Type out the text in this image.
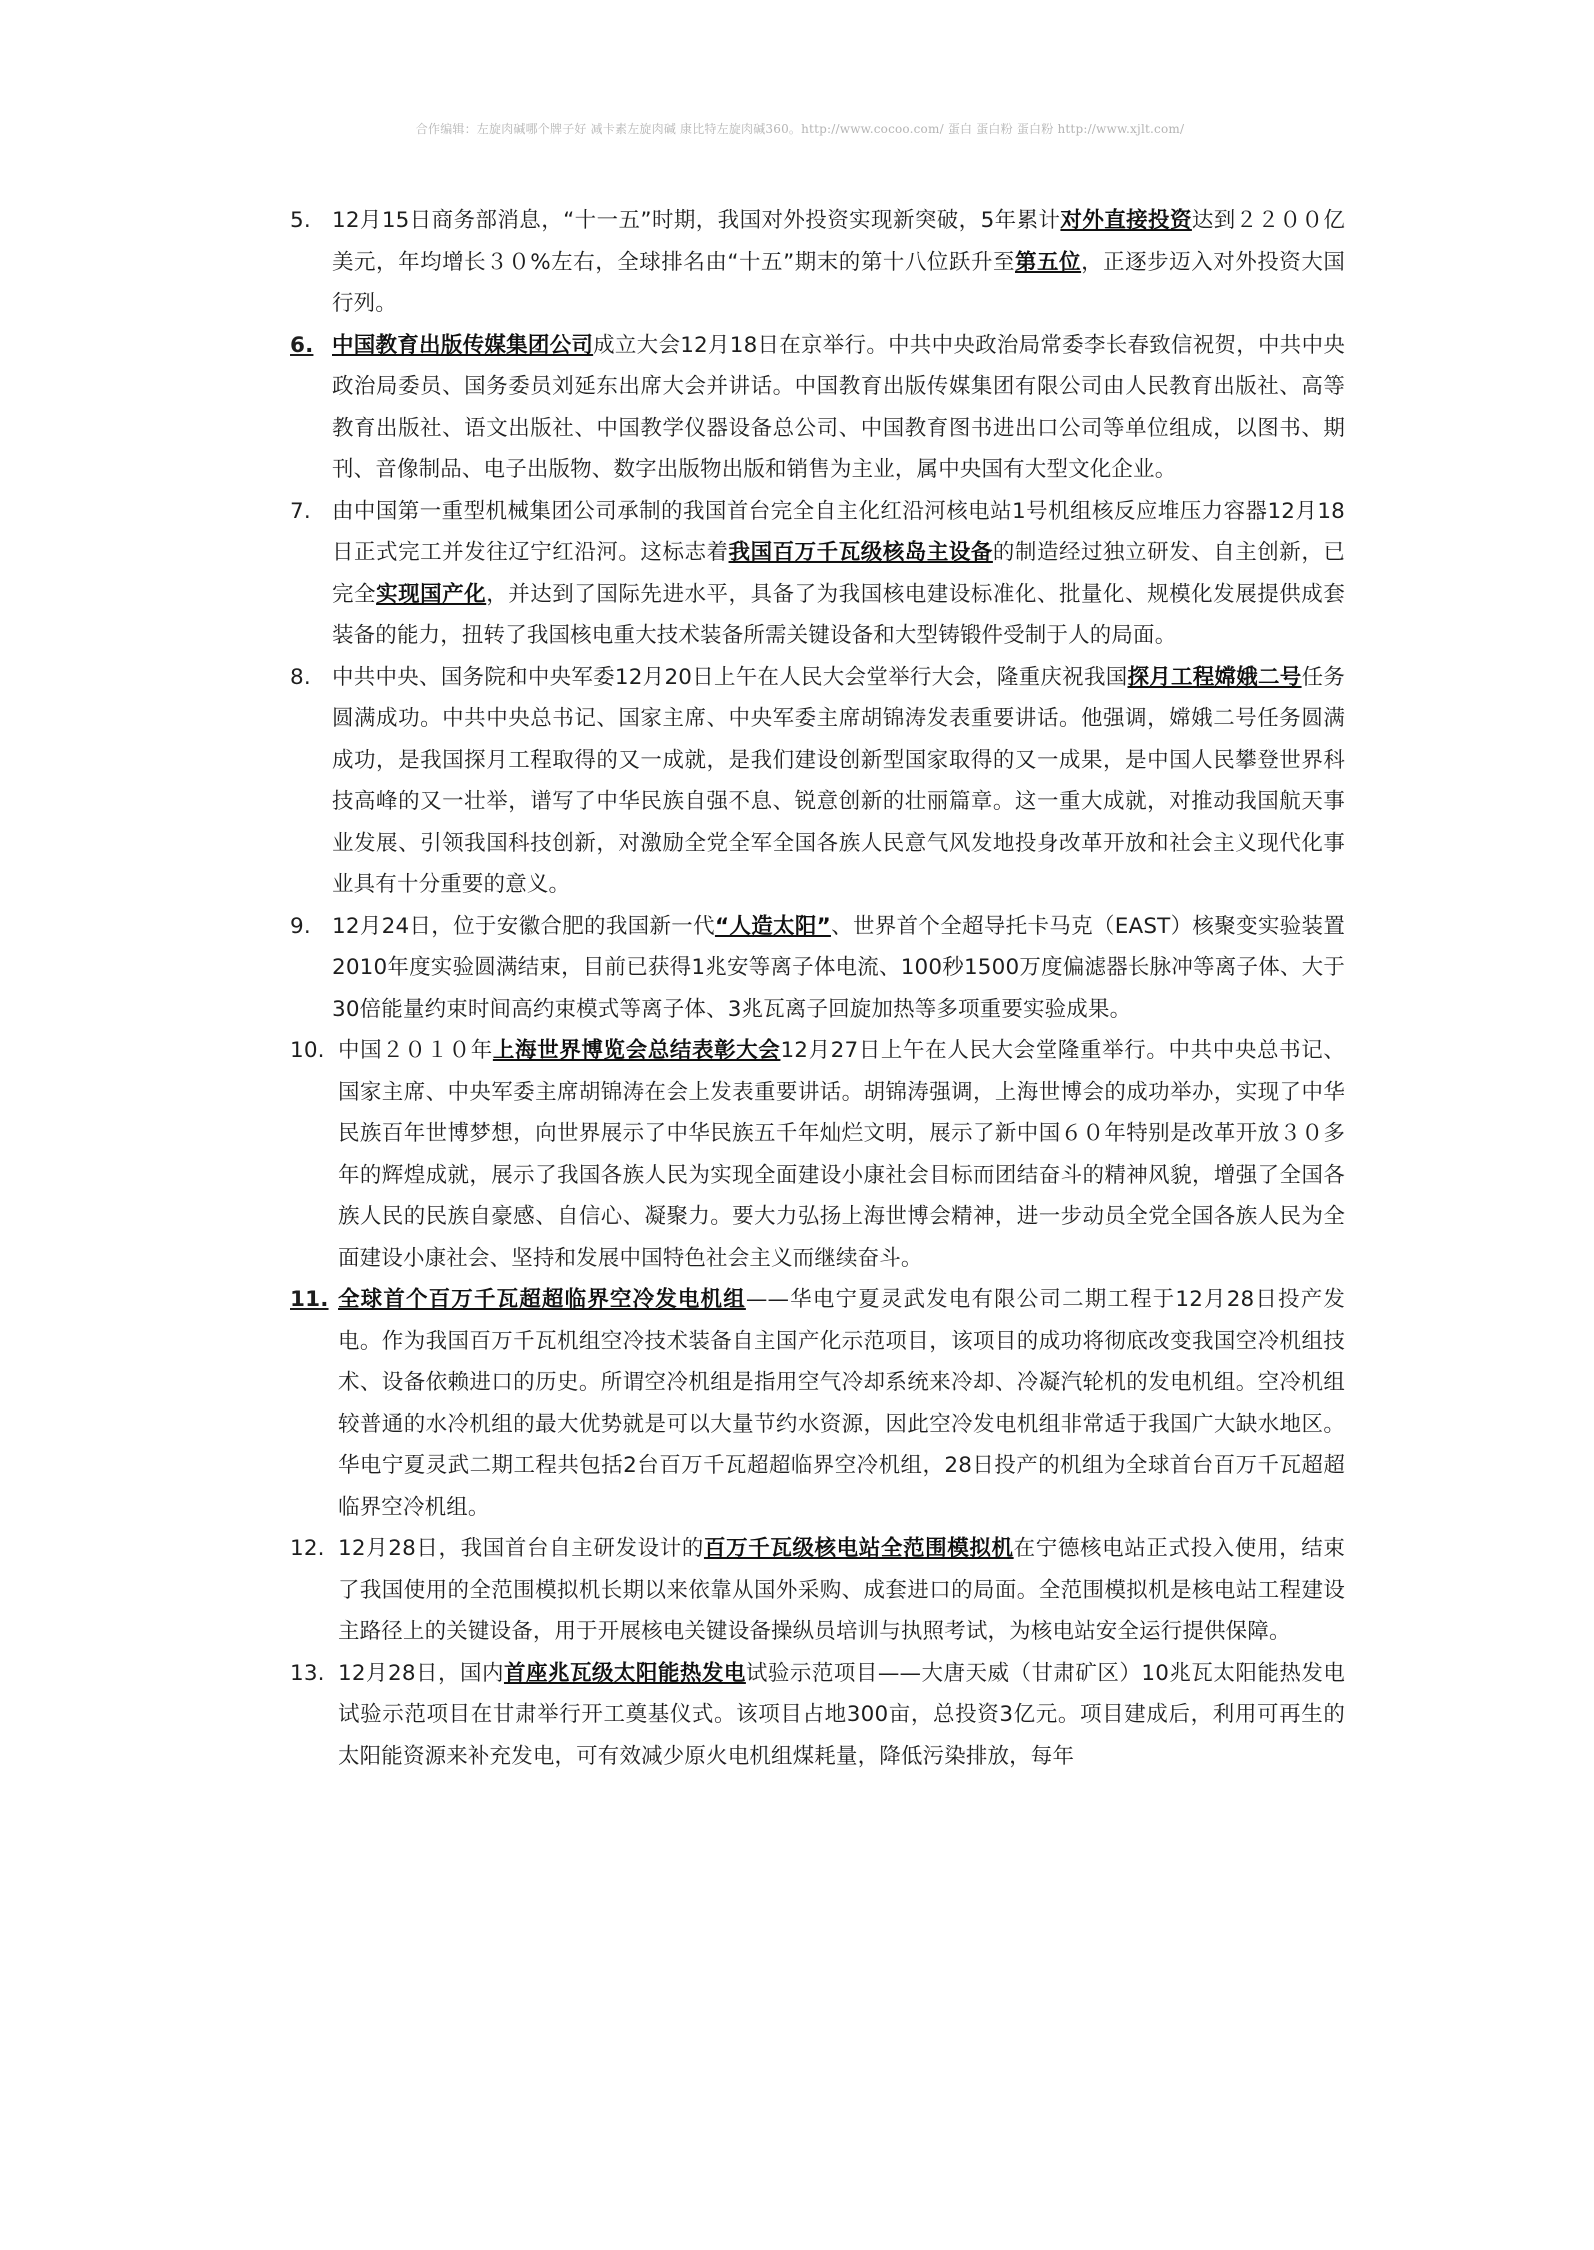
合作编辑：左旋肉碱哪个牌子好 减卡素左旋肉碱 康比特左旋肉碱360。http://www.cocoo.com/ 蛋白 蛋白粉 蛋白粉 http://www.xjlt.com/
5. 12月15日商务部消息，“十一五”时期，我国对外投资实现新突破，5年累计对外直接投资达到２２００亿美元，年均增长３０%左右，全球排名由“十五”期末的第十八位跃升至第五位，正逐步迈入对外投资大国行列。
6. 中国教育出版传媒集团公司成立大会12月18日在京举行。中共中央政治局常委李长春致信祝贺，中共中央政治局委员、国务委员刘延东出席大会并讲话。中国教育出版传媒集团有限公司由人民教育出版社、高等教育出版社、语文出版社、中国教学仪器设备总公司、中国教育图书进出口公司等单位组成，以图书、期刊、音像制品、电子出版物、数字出版物出版和销售为主业，属中央国有大型文化企业。
7. 由中国第一重型机械集团公司承制的我国首台完全自主化红沿河核电站1号机组核反应堆压力容器12月18日正式完工并发往辽宁红沿河。这标志着我国百万千瓦级核岛主设备的制造经过独立研发、自主创新，已完全实现国产化，并达到了国际先进水平，具备了为我国核电建设标准化、批量化、规模化发展提供成套装备的能力，扭转了我国核电重大技术装备所需关键设备和大型铸锻件受制于人的局面。
8. 中共中央、国务院和中央军委12月20日上午在人民大会堂举行大会，隆重庆祝我国探月工程嫦娥二号任务圆满成功。中共中央总书记、国家主席、中央军委主席胡锦涛发表重要讲话。他强调，嫦娥二号任务圆满成功，是我国探月工程取得的又一成就，是我们建设创新型国家取得的又一成果，是中国人民攀登世界科技高峰的又一壮举，谱写了中华民族自强不息、锐意创新的壮丽篇章。这一重大成就，对推动我国航天事业发展、引领我国科技创新，对激励全党全军全国各族人民意气风发地投身改革开放和社会主义现代化事业具有十分重要的意义。
9. 12月24日，位于安徽合肥的我国新一代“人造太阳”、世界首个全超导托卡马克（EAST）核聚变实验装置2010年度实验圆满结束，目前已获得1兆安等离子体电流、100秒1500万度偏滤器长脉冲等离子体、大于30倍能量约束时间高约束模式等离子体、3兆瓦离子回旋加热等多项重要实验成果。
10. 中国２０１０年上海世界博览会总结表彰大会12月27日上午在人民大会堂隆重举行。中共中央总书记、国家主席、中央军委主席胡锦涛在会上发表重要讲话。胡锦涛强调，上海世博会的成功举办，实现了中华民族百年世博梦想，向世界展示了中华民族五千年灿烂文明，展示了新中国６０年特别是改革开放３０多年的辉煌成就，展示了我国各族人民为实现全面建设小康社会目标而团结奋斗的精神风貌，增强了全国各族人民的民族自豪感、自信心、凝聚力。要大力弘扬上海世博会精神，进一步动员全党全国各族人民为全面建设小康社会、坚持和发展中国特色社会主义而继续奋斗。
11. 全球首个百万千瓦超超临界空冷发电机组——华电宁夏灵武发电有限公司二期工程于12月28日投产发电。作为我国百万千瓦机组空冷技术装备自主国产化示范项目，该项目的成功将彻底改变我国空冷机组技术、设备依赖进口的历史。所谓空冷机组是指用空气冷却系统来冷却、冷凝汽轮机的发电机组。空冷机组较普通的水冷机组的最大优势就是可以大量节约水资源，因此空冷发电机组非常适于我国广大缺水地区。华电宁夏灵武二期工程共包括2台百万千瓦超超临界空冷机组，28日投产的机组为全球首台百万千瓦超超临界空冷机组。
12. 12月28日，我国首台自主研发设计的百万千瓦级核电站全范围模拟机在宁德核电站正式投入使用，结束了我国使用的全范围模拟机长期以来依靠从国外采购、成套进口的局面。全范围模拟机是核电站工程建设主路径上的关键设备，用于开展核电关键设备操纵员培训与执照考试，为核电站安全运行提供保障。
13. 12月28日，国内首座兆瓦级太阳能热发电试验示范项目——大唐天威（甘肃矿区）10兆瓦太阳能热发电试验示范项目在甘肃举行开工奠基仪式。该项目占地300亩，总投资3亿元。项目建成后，利用可再生的太阳能资源来补充发电，可有效减少原火电机组煤耗量，降低污染排放，每年
